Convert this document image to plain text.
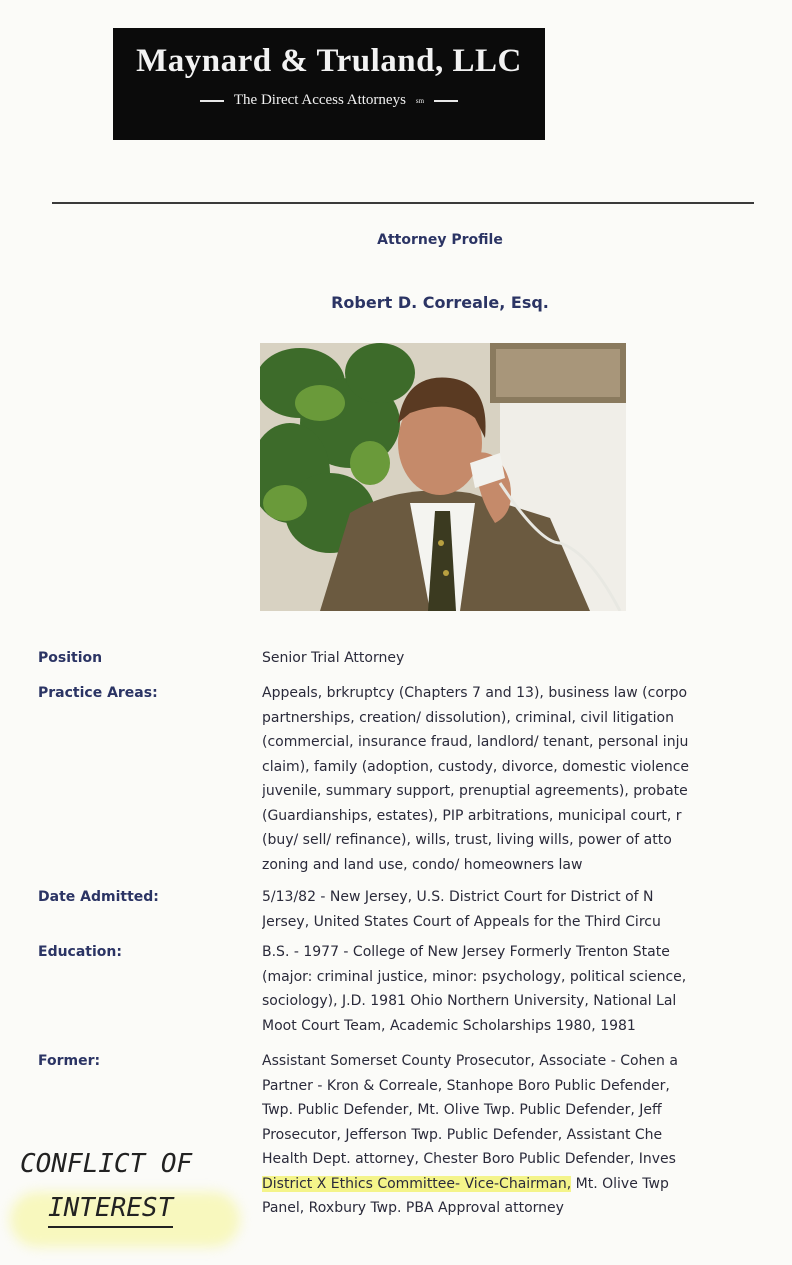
Maynard & Truland, LLC
The Direct Access Attorneys sm
Attorney Profile
Robert D. Correale, Esq.
Position	Senior Trial Attorney
Practice Areas:	Appeals, brkruptcy (Chapters 7 and 13), business law (corpo
partnerships, creation/ dissolution), criminal, civil litigation
(commercial, insurance fraud, landlord/ tenant, personal inju
claim), family (adoption, custody, divorce, domestic violence
juvenile, summary support, prenuptial agreements), probate
(Guardianships, estates), PIP arbitrations, municipal court, r
(buy/ sell/ refinance), wills, trust, living wills, power of atto
zoning and land use, condo/ homeowners law
Date Admitted:	5/13/82 - New Jersey, U.S. District Court for District of N
Jersey, United States Court of Appeals for the Third Circu
Education:	B.S. - 1977 - College of New Jersey Formerly Trenton State
(major: criminal justice, minor: psychology, political science,
sociology), J.D. 1981 Ohio Northern University, National Lal
Moot Court Team, Academic Scholarships 1980, 1981
Former:	Assistant Somerset County Prosecutor, Associate - Cohen a
Partner - Kron & Correale, Stanhope Boro Public Defender,
Twp. Public Defender, Mt. Olive Twp. Public Defender, Jeff
Prosecutor, Jefferson Twp. Public Defender, Assistant Che
Health Dept. attorney, Chester Boro Public Defender, Inves
District X Ethics Committee- Vice-Chairman, Mt. Olive Twp
Panel, Roxbury Twp. PBA Approval attorney
CONFLICT OF
INTEREST
